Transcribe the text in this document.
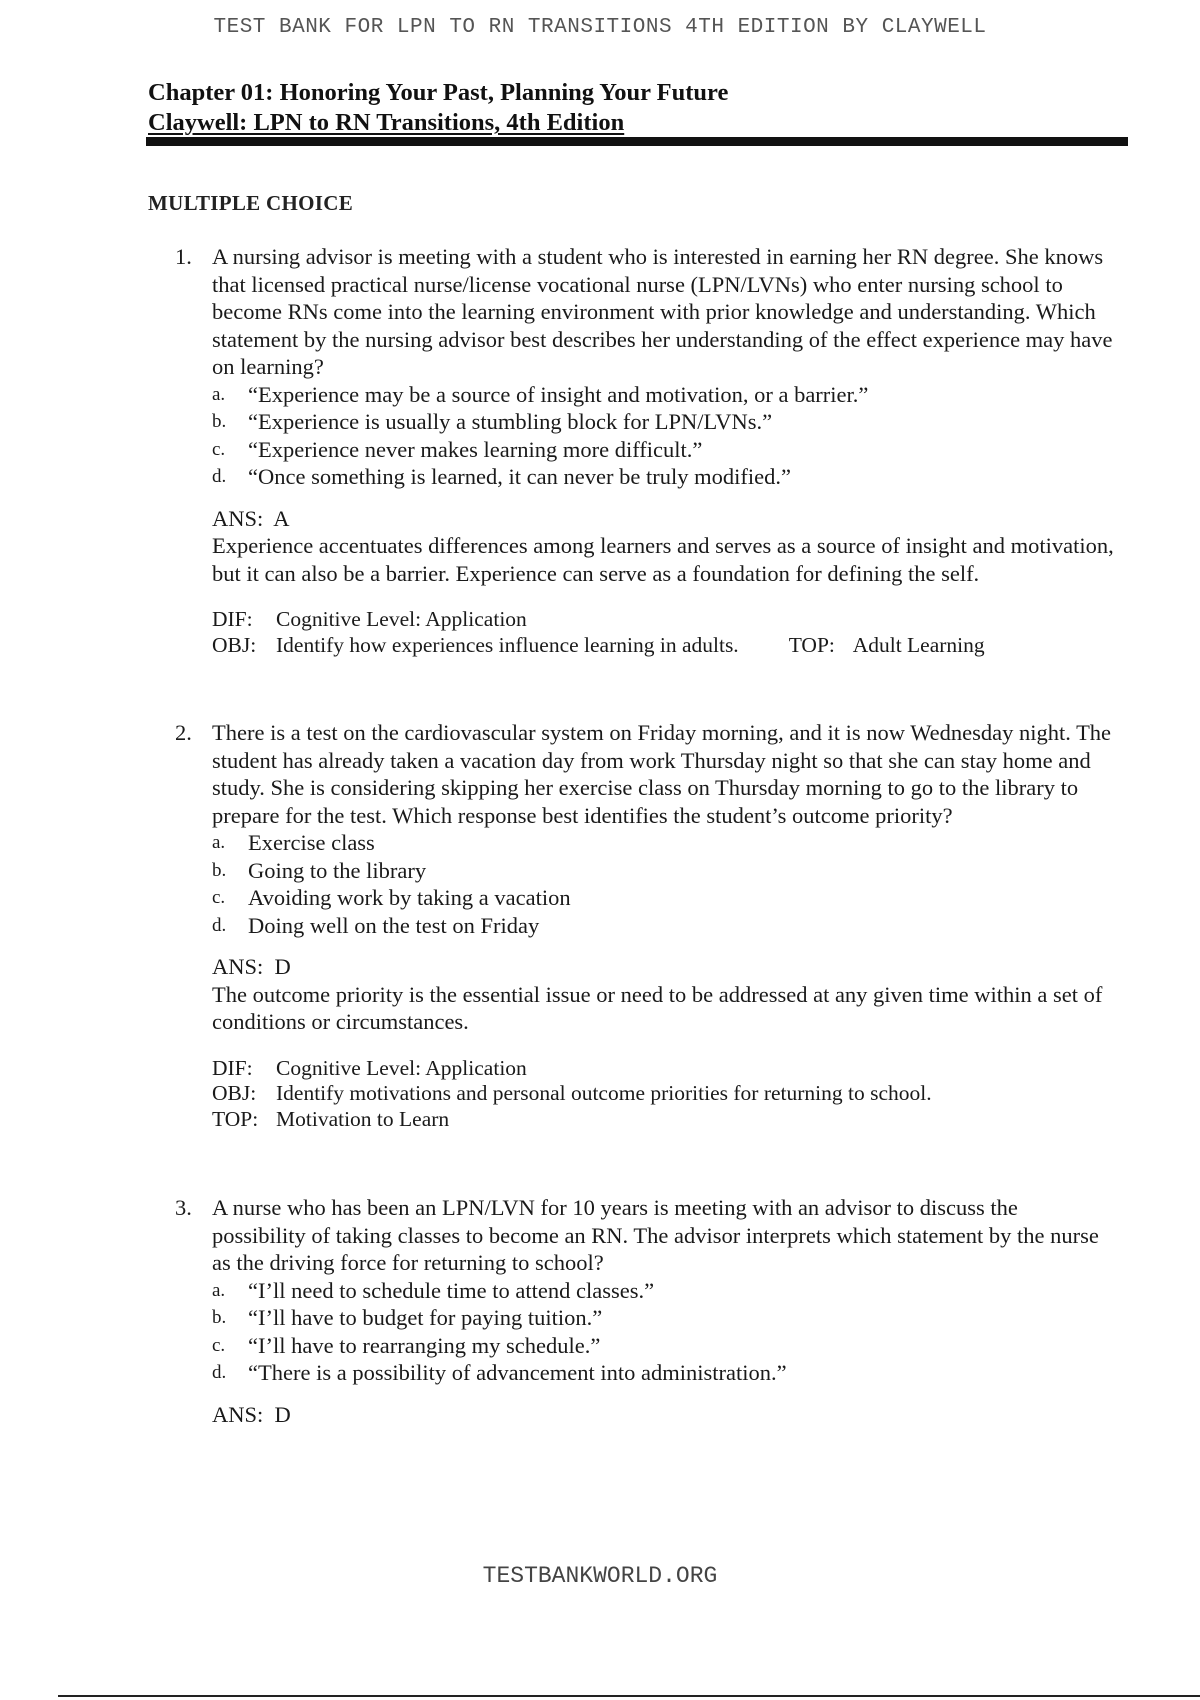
TEST BANK FOR LPN TO RN TRANSITIONS 4TH EDITION BY CLAYWELL
Chapter 01: Honoring Your Past, Planning Your Future
Claywell: LPN to RN Transitions, 4th Edition
MULTIPLE CHOICE
1. A nursing advisor is meeting with a student who is interested in earning her RN degree. She knows that licensed practical nurse/license vocational nurse (LPN/LVNs) who enter nursing school to become RNs come into the learning environment with prior knowledge and understanding. Which statement by the nursing advisor best describes her understanding of the effect experience may have on learning?
a.	“Experience may be a source of insight and motivation, or a barrier.”
b. “Experience is usually a stumbling block for LPN/LVNs.”
c.	“Experience never makes learning more difficult.”
d. “Once something is learned, it can never be truly modified.”
ANS: A
Experience accentuates differences among learners and serves as a source of insight and motivation, but it can also be a barrier. Experience can serve as a foundation for defining the self.
DIF:	Cognitive Level: Application
OBJ: Identify how experiences influence learning in adults. TOP: Adult Learning
2. There is a test on the cardiovascular system on Friday morning, and it is now Wednesday night. The student has already taken a vacation day from work Thursday night so that she can stay home and study. She is considering skipping her exercise class on Thursday morning to go to the library to prepare for the test. Which response best identifies the student’s outcome priority?
a.	Exercise class
b. Going to the library
c.	Avoiding work by taking a vacation
d. Doing well on the test on Friday
ANS: D
The outcome priority is the essential issue or need to be addressed at any given time within a set of conditions or circumstances.
DIF:	Cognitive Level: Application
OBJ: Identify motivations and personal outcome priorities for returning to school.
TOP: Motivation to Learn
3. A nurse who has been an LPN/LVN for 10 years is meeting with an advisor to discuss the possibility of taking classes to become an RN. The advisor interprets which statement by the nurse as the driving force for returning to school?
a.	“I’ll need to schedule time to attend classes.”
b. “I’ll have to budget for paying tuition.”
c.	“I’ll have to rearranging my schedule.”
d. “There is a possibility of advancement into administration.”
ANS: D
TESTBANKWORLD.ORG
